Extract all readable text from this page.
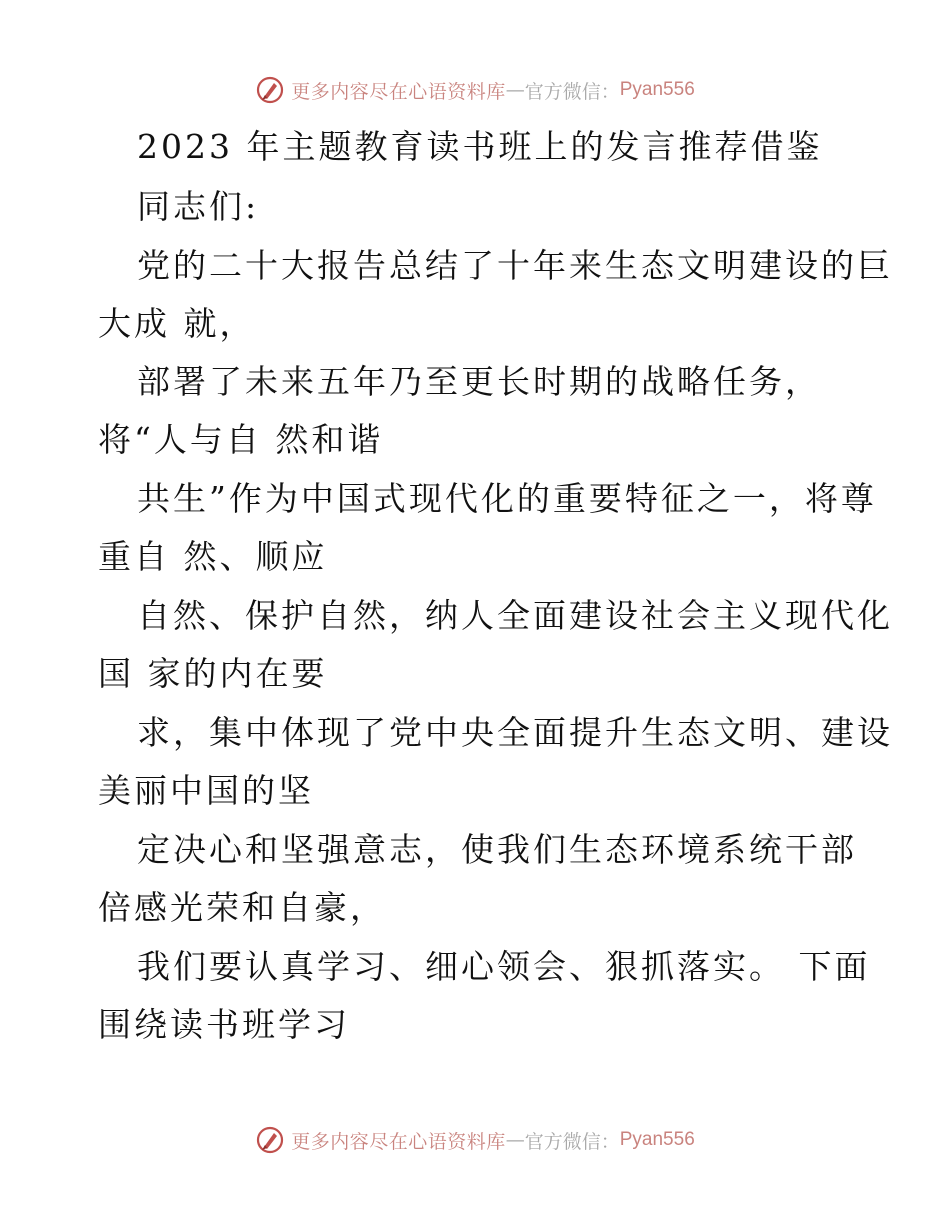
更多内容尽在心语资料库 — 官方微信： Pyan556
2023 年主题教育读书班上的发言推荐借鉴
同志们:
党的二十大报告总结了十年来生态文明建设的巨
大成 就，
部署了未来五年乃至更长时期的战略任务，
将“人与自 然和谐
共生”作为中国式现代化的重要特征之一，将尊
重自 然、顺应
自然、保护自然，纳人全面建设社会主义现代化
国 家的内在要
求，集中体现了党中央全面提升生态文明、建设
美丽中国的坚
定决心和坚强意志，使我们生态环境系统干部
倍感光荣和自豪，
我们要认真学习、细心领会、狠抓落实。 下面
围绕读书班学习
更多内容尽在心语资料库 — 官方微信： Pyan556
